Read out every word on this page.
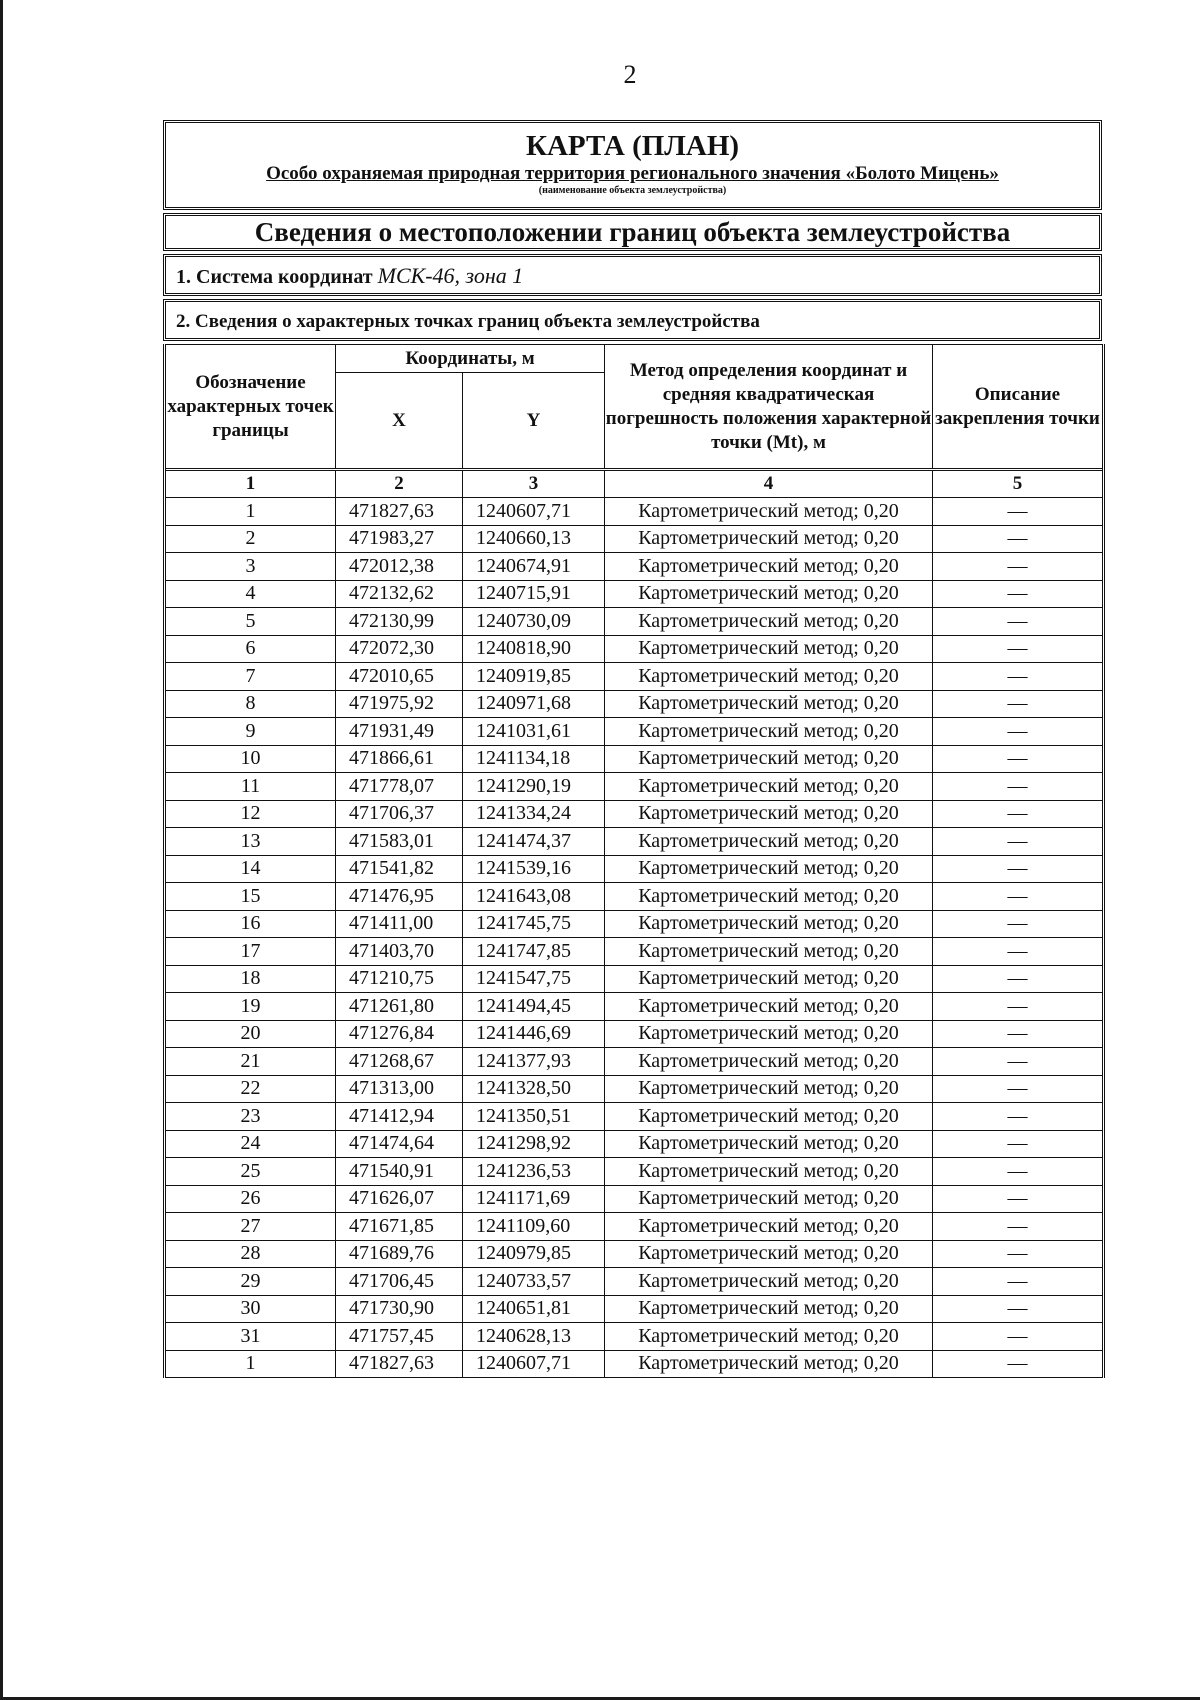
2
КАРТА (ПЛАН)
Особо охраняемая природная территория регионального значения «Болото Мицень»
(наименование объекта землеустройства)
Сведения о местоположении границ объекта землеустройства
1. Система координат МСК-46, зона 1
2. Сведения о характерных точках границ объекта землеустройства
Обозначение характерных точек границы	Координаты, м		Метод определения координат и средняя квадратическая погрешность положения характерной точки (Mt), м	Описание закрепления точки
	X	Y		
1	2	3	4	5
1	471827,63	1240607,71	Картометрический метод; 0,20	—
2	471983,27	1240660,13	Картометрический метод; 0,20	—
3	472012,38	1240674,91	Картометрический метод; 0,20	—
4	472132,62	1240715,91	Картометрический метод; 0,20	—
5	472130,99	1240730,09	Картометрический метод; 0,20	—
6	472072,30	1240818,90	Картометрический метод; 0,20	—
7	472010,65	1240919,85	Картометрический метод; 0,20	—
8	471975,92	1240971,68	Картометрический метод; 0,20	—
9	471931,49	1241031,61	Картометрический метод; 0,20	—
10	471866,61	1241134,18	Картометрический метод; 0,20	—
11	471778,07	1241290,19	Картометрический метод; 0,20	—
12	471706,37	1241334,24	Картометрический метод; 0,20	—
13	471583,01	1241474,37	Картометрический метод; 0,20	—
14	471541,82	1241539,16	Картометрический метод; 0,20	—
15	471476,95	1241643,08	Картометрический метод; 0,20	—
16	471411,00	1241745,75	Картометрический метод; 0,20	—
17	471403,70	1241747,85	Картометрический метод; 0,20	—
18	471210,75	1241547,75	Картометрический метод; 0,20	—
19	471261,80	1241494,45	Картометрический метод; 0,20	—
20	471276,84	1241446,69	Картометрический метод; 0,20	—
21	471268,67	1241377,93	Картометрический метод; 0,20	—
22	471313,00	1241328,50	Картометрический метод; 0,20	—
23	471412,94	1241350,51	Картометрический метод; 0,20	—
24	471474,64	1241298,92	Картометрический метод; 0,20	—
25	471540,91	1241236,53	Картометрический метод; 0,20	—
26	471626,07	1241171,69	Картометрический метод; 0,20	—
27	471671,85	1241109,60	Картометрический метод; 0,20	—
28	471689,76	1240979,85	Картометрический метод; 0,20	—
29	471706,45	1240733,57	Картометрический метод; 0,20	—
30	471730,90	1240651,81	Картометрический метод; 0,20	—
31	471757,45	1240628,13	Картометрический метод; 0,20	—
1	471827,63	1240607,71	Картометрический метод; 0,20	—
